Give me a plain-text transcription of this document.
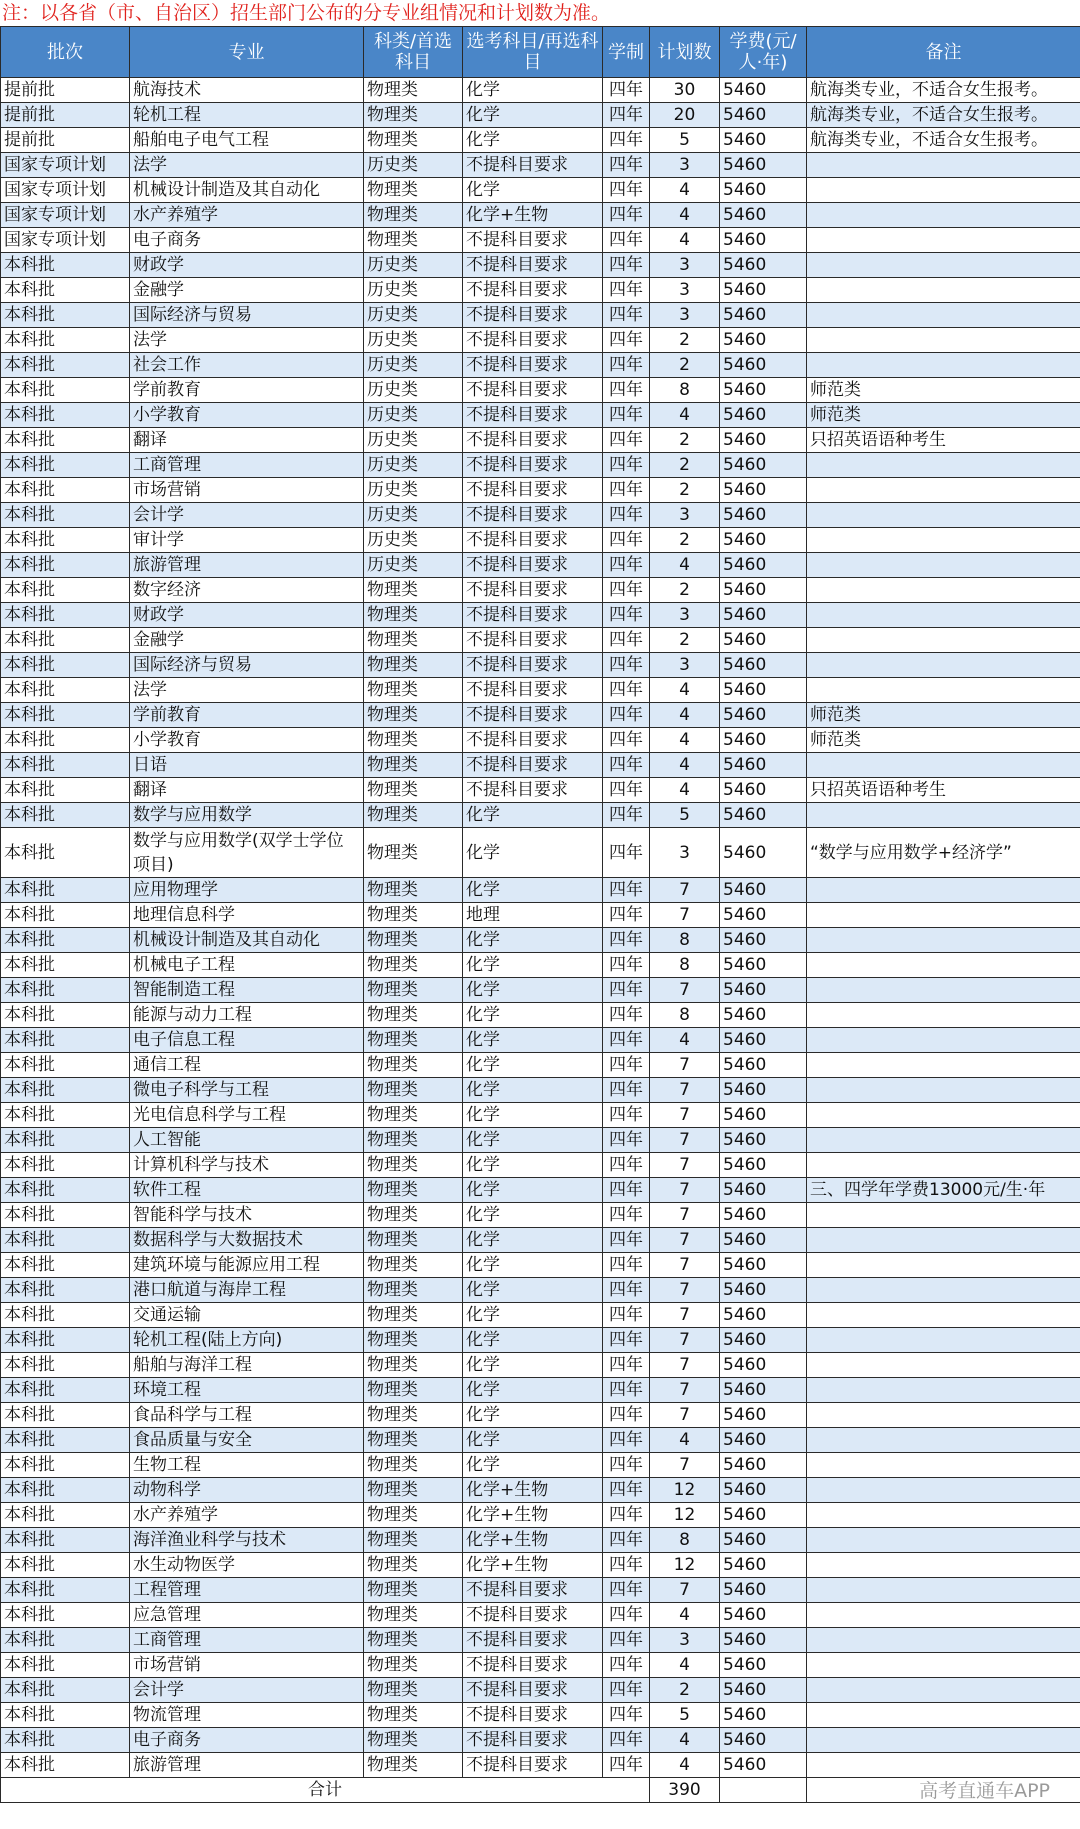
注：以各省（市、自治区）招生部门公布的分专业组情况和计划数为准。
批次	专业	科类/首选科目	选考科目/再选科目	学制	计划数	学费(元/人·年)	备注
提前批	航海技术	物理类	化学	四年	30	5460	航海类专业，不适合女生报考。
提前批	轮机工程	物理类	化学	四年	20	5460	航海类专业，不适合女生报考。
提前批	船舶电子电气工程	物理类	化学	四年	5	5460	航海类专业，不适合女生报考。
国家专项计划	法学	历史类	不提科目要求	四年	3	5460	
国家专项计划	机械设计制造及其自动化	物理类	化学	四年	4	5460	
国家专项计划	水产养殖学	物理类	化学+生物	四年	4	5460	
国家专项计划	电子商务	物理类	不提科目要求	四年	4	5460	
本科批	财政学	历史类	不提科目要求	四年	3	5460	
本科批	金融学	历史类	不提科目要求	四年	3	5460	
本科批	国际经济与贸易	历史类	不提科目要求	四年	3	5460	
本科批	法学	历史类	不提科目要求	四年	2	5460	
本科批	社会工作	历史类	不提科目要求	四年	2	5460	
本科批	学前教育	历史类	不提科目要求	四年	8	5460	师范类
本科批	小学教育	历史类	不提科目要求	四年	4	5460	师范类
本科批	翻译	历史类	不提科目要求	四年	2	5460	只招英语语种考生
本科批	工商管理	历史类	不提科目要求	四年	2	5460	
本科批	市场营销	历史类	不提科目要求	四年	2	5460	
本科批	会计学	历史类	不提科目要求	四年	3	5460	
本科批	审计学	历史类	不提科目要求	四年	2	5460	
本科批	旅游管理	历史类	不提科目要求	四年	4	5460	
本科批	数字经济	物理类	不提科目要求	四年	2	5460	
本科批	财政学	物理类	不提科目要求	四年	3	5460	
本科批	金融学	物理类	不提科目要求	四年	2	5460	
本科批	国际经济与贸易	物理类	不提科目要求	四年	3	5460	
本科批	法学	物理类	不提科目要求	四年	4	5460	
本科批	学前教育	物理类	不提科目要求	四年	4	5460	师范类
本科批	小学教育	物理类	不提科目要求	四年	4	5460	师范类
本科批	日语	物理类	不提科目要求	四年	4	5460	
本科批	翻译	物理类	不提科目要求	四年	4	5460	只招英语语种考生
本科批	数学与应用数学	物理类	化学	四年	5	5460	
本科批	数学与应用数学(双学士学位项目)	物理类	化学	四年	3	5460	“数学与应用数学+经济学”
本科批	应用物理学	物理类	化学	四年	7	5460	
本科批	地理信息科学	物理类	地理	四年	7	5460	
本科批	机械设计制造及其自动化	物理类	化学	四年	8	5460	
本科批	机械电子工程	物理类	化学	四年	8	5460	
本科批	智能制造工程	物理类	化学	四年	7	5460	
本科批	能源与动力工程	物理类	化学	四年	8	5460	
本科批	电子信息工程	物理类	化学	四年	4	5460	
本科批	通信工程	物理类	化学	四年	7	5460	
本科批	微电子科学与工程	物理类	化学	四年	7	5460	
本科批	光电信息科学与工程	物理类	化学	四年	7	5460	
本科批	人工智能	物理类	化学	四年	7	5460	
本科批	计算机科学与技术	物理类	化学	四年	7	5460	
本科批	软件工程	物理类	化学	四年	7	5460	三、四学年学费13000元/生·年
本科批	智能科学与技术	物理类	化学	四年	7	5460	
本科批	数据科学与大数据技术	物理类	化学	四年	7	5460	
本科批	建筑环境与能源应用工程	物理类	化学	四年	7	5460	
本科批	港口航道与海岸工程	物理类	化学	四年	7	5460	
本科批	交通运输	物理类	化学	四年	7	5460	
本科批	轮机工程(陆上方向)	物理类	化学	四年	7	5460	
本科批	船舶与海洋工程	物理类	化学	四年	7	5460	
本科批	环境工程	物理类	化学	四年	7	5460	
本科批	食品科学与工程	物理类	化学	四年	7	5460	
本科批	食品质量与安全	物理类	化学	四年	4	5460	
本科批	生物工程	物理类	化学	四年	7	5460	
本科批	动物科学	物理类	化学+生物	四年	12	5460	
本科批	水产养殖学	物理类	化学+生物	四年	12	5460	
本科批	海洋渔业科学与技术	物理类	化学+生物	四年	8	5460	
本科批	水生动物医学	物理类	化学+生物	四年	12	5460	
本科批	工程管理	物理类	不提科目要求	四年	7	5460	
本科批	应急管理	物理类	不提科目要求	四年	4	5460	
本科批	工商管理	物理类	不提科目要求	四年	3	5460	
本科批	市场营销	物理类	不提科目要求	四年	4	5460	
本科批	会计学	物理类	不提科目要求	四年	2	5460	
本科批	物流管理	物理类	不提科目要求	四年	5	5460	
本科批	电子商务	物理类	不提科目要求	四年	4	5460	
本科批	旅游管理	物理类	不提科目要求	四年	4	5460	
合计					390			高考直通车APP
